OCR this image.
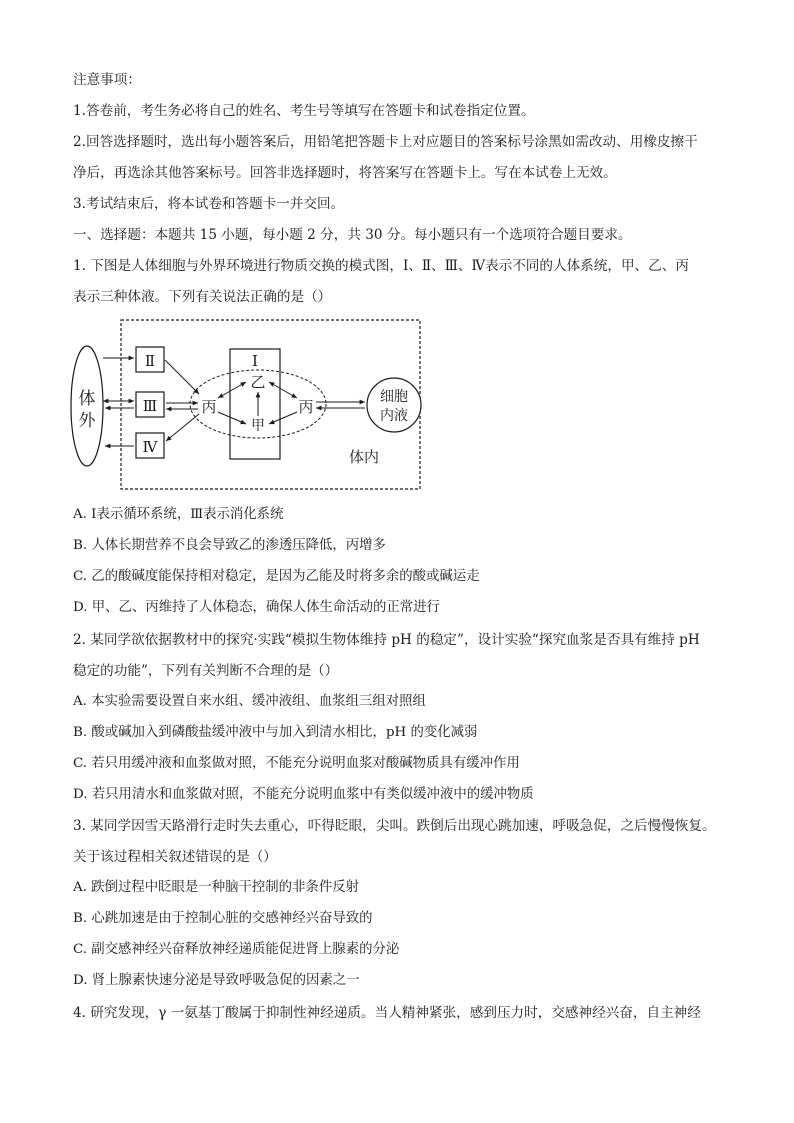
注意事项：
1.答卷前，考生务必将自己的姓名、考生号等填写在答题卡和试卷指定位置。
2.回答选择题时，选出每小题答案后，用铅笔把答题卡上对应题目的答案标号涂黑如需改动、用橡皮擦干
净后，再选涂其他答案标号。回答非选择题时，将答案写在答题卡上。写在本试卷上无效。
3.考试结束后，将本试卷和答题卡一并交回。
一、选择题：本题共 15 小题，每小题 2 分，共 30 分。每小题只有一个选项符合题目要求。
1. 下图是人体细胞与外界环境进行物质交换的模式图，Ⅰ、Ⅱ、Ⅲ、Ⅳ表示不同的人体系统，甲、乙、丙
表示三种体液。下列有关说法正确的是（）
体
外
Ⅱ
Ⅲ
Ⅳ
Ⅰ
乙
甲
丙	丙
细胞
内液
体内
A. Ⅰ表示循环系统，Ⅲ表示消化系统
B. 人体长期营养不良会导致乙的渗透压降低，丙增多
C. 乙的酸碱度能保持相对稳定，是因为乙能及时将多余的酸或碱运走
D. 甲、乙、丙维持了人体稳态，确保人体生命活动的正常进行
2. 某同学欲依据教材中的探究·实践“模拟生物体维持 pH 的稳定”，设计实验“探究血浆是否具有维持 pH
稳定的功能”，下列有关判断不合理的是（）
A. 本实验需要设置自来水组、缓冲液组、血浆组三组对照组
B. 酸或碱加入到磷酸盐缓冲液中与加入到清水相比，pH 的变化减弱
C. 若只用缓冲液和血浆做对照，不能充分说明血浆对酸碱物质具有缓冲作用
D. 若只用清水和血浆做对照，不能充分说明血浆中有类似缓冲液中的缓冲物质
3. 某同学因雪天路滑行走时失去重心，吓得眨眼，尖叫。跌倒后出现心跳加速，呼吸急促，之后慢慢恢复。
关于该过程相关叙述错误的是（）
A. 跌倒过程中眨眼是一种脑干控制的非条件反射
B. 心跳加速是由于控制心脏的交感神经兴奋导致的
C. 副交感神经兴奋释放神经递质能促进肾上腺素的分泌
D. 肾上腺素快速分泌是导致呼吸急促的因素之一
4. 研究发现，γ 一氨基丁酸属于抑制性神经递质。当人精神紧张，感到压力时，交感神经兴奋，自主神经
